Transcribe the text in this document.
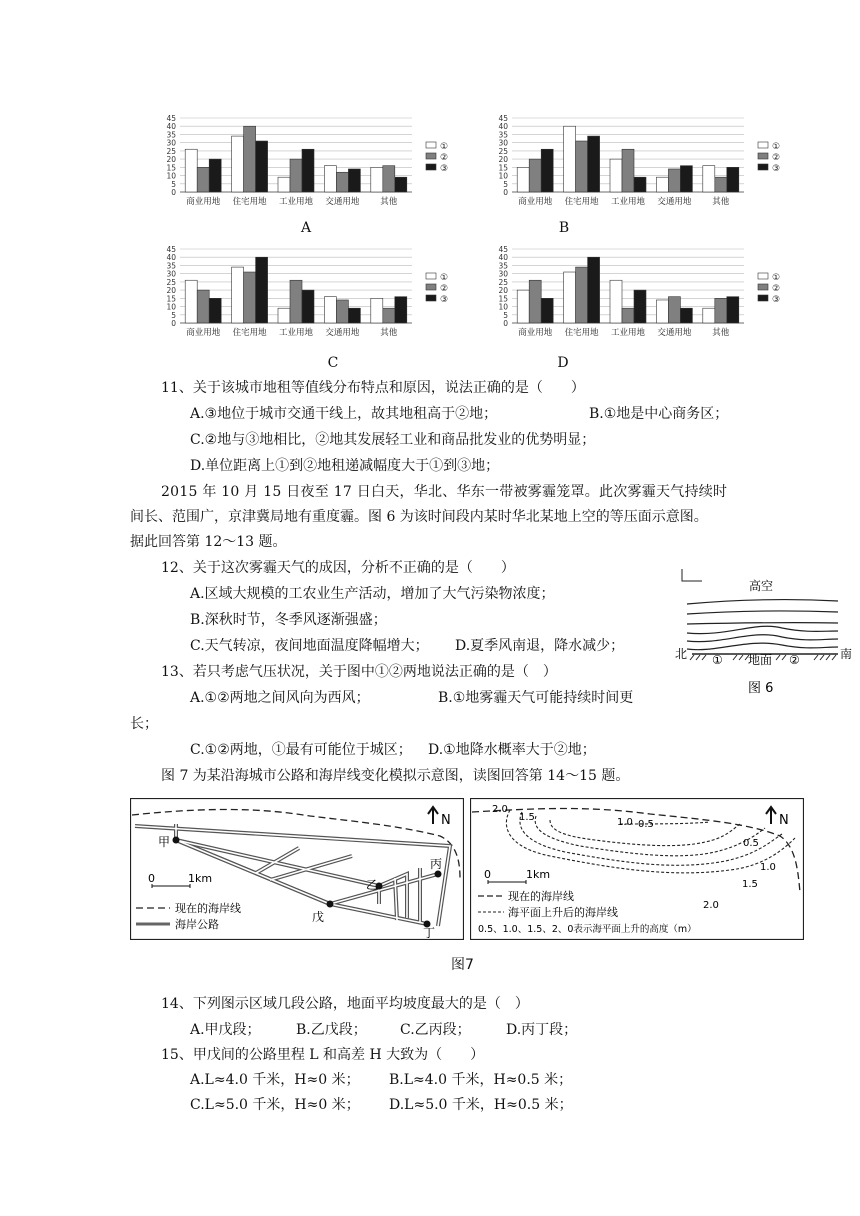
0
5
10
15
20
25
30
35
40
45
商业用地 住宅用地 工业用地 交通用地 其他
①
②
③
A
0
5
10
15
20
25
30
35
40
45
商业用地 住宅用地 工业用地 交通用地 其他
①
②
③
B
0
5
10
15
20
25
30
35
40
45
商业用地 住宅用地 工业用地 交通用地 其他
①
②
③
C
0
5
10
15
20
25
30
35
40
45
商业用地 住宅用地 工业用地 交通用地 其他
①
②
③
D
11、关于该城市地租等值线分布特点和原因，说法正确的是（　　）
A.③地位于城市交通干线上，故其地租高于②地；	B.①地是中心商务区；
C.②地与③地相比，②地其发展轻工业和商品批发业的优势明显；
D.单位距离上①到②地租递减幅度大于①到③地；
2015 年 10 月 15 日夜至 17 日白天，华北、华东一带被雾霾笼罩。此次雾霾天气持续时
间长、范围广，京津冀局地有重度霾。图 6 为该时间段内某时华北某地上空的等压面示意图。
据此回答第 12～13 题。
12、关于这次雾霾天气的成因，分析不正确的是（　　）
A.区域大规模的工农业生产活动，增加了大气污染物浓度；
B.深秋时节，冬季风逐渐强盛；
C.天气转凉，夜间地面温度降幅增大； D.夏季风南退，降水减少；
13、若只考虑气压状况，关于图中①②两地说法正确的是（　）
A.①②两地之间风向为西风；	B.①地雾霾天气可能持续时间更
长；
C.①②两地，①最有可能位于城区； D.①地降水概率大于②地；
高空
北 ① 地面 ②	南
图 6
图 7 为某沿海城市公路和海岸线变化模拟示意图，读图回答第 14～15 题。
N
甲
乙
丙
戊
丁
0	1km
现在的海岸线
海岸公路
N
2.0
1.5	1.0 0.5
0.5
1.0
1.5
2.0
0	1km
现在的海岸线
海平面上升后的海岸线
0.5、1.0、1.5、2、0表示海平面上升的高度（m）
图7
14、下列图示区域几段公路，地面平均坡度最大的是（　）
A.甲戊段；	B.乙戊段； C.乙丙段；	D.丙丁段；
15、甲戊间的公路里程 L 和高差 H 大致为（　　）
A.L≈4.0 千米，H≈0 米； B.L≈4.0 千米，H≈0.5 米；
C.L≈5.0 千米，H≈0 米； D.L≈5.0 千米，H≈0.5 米；
